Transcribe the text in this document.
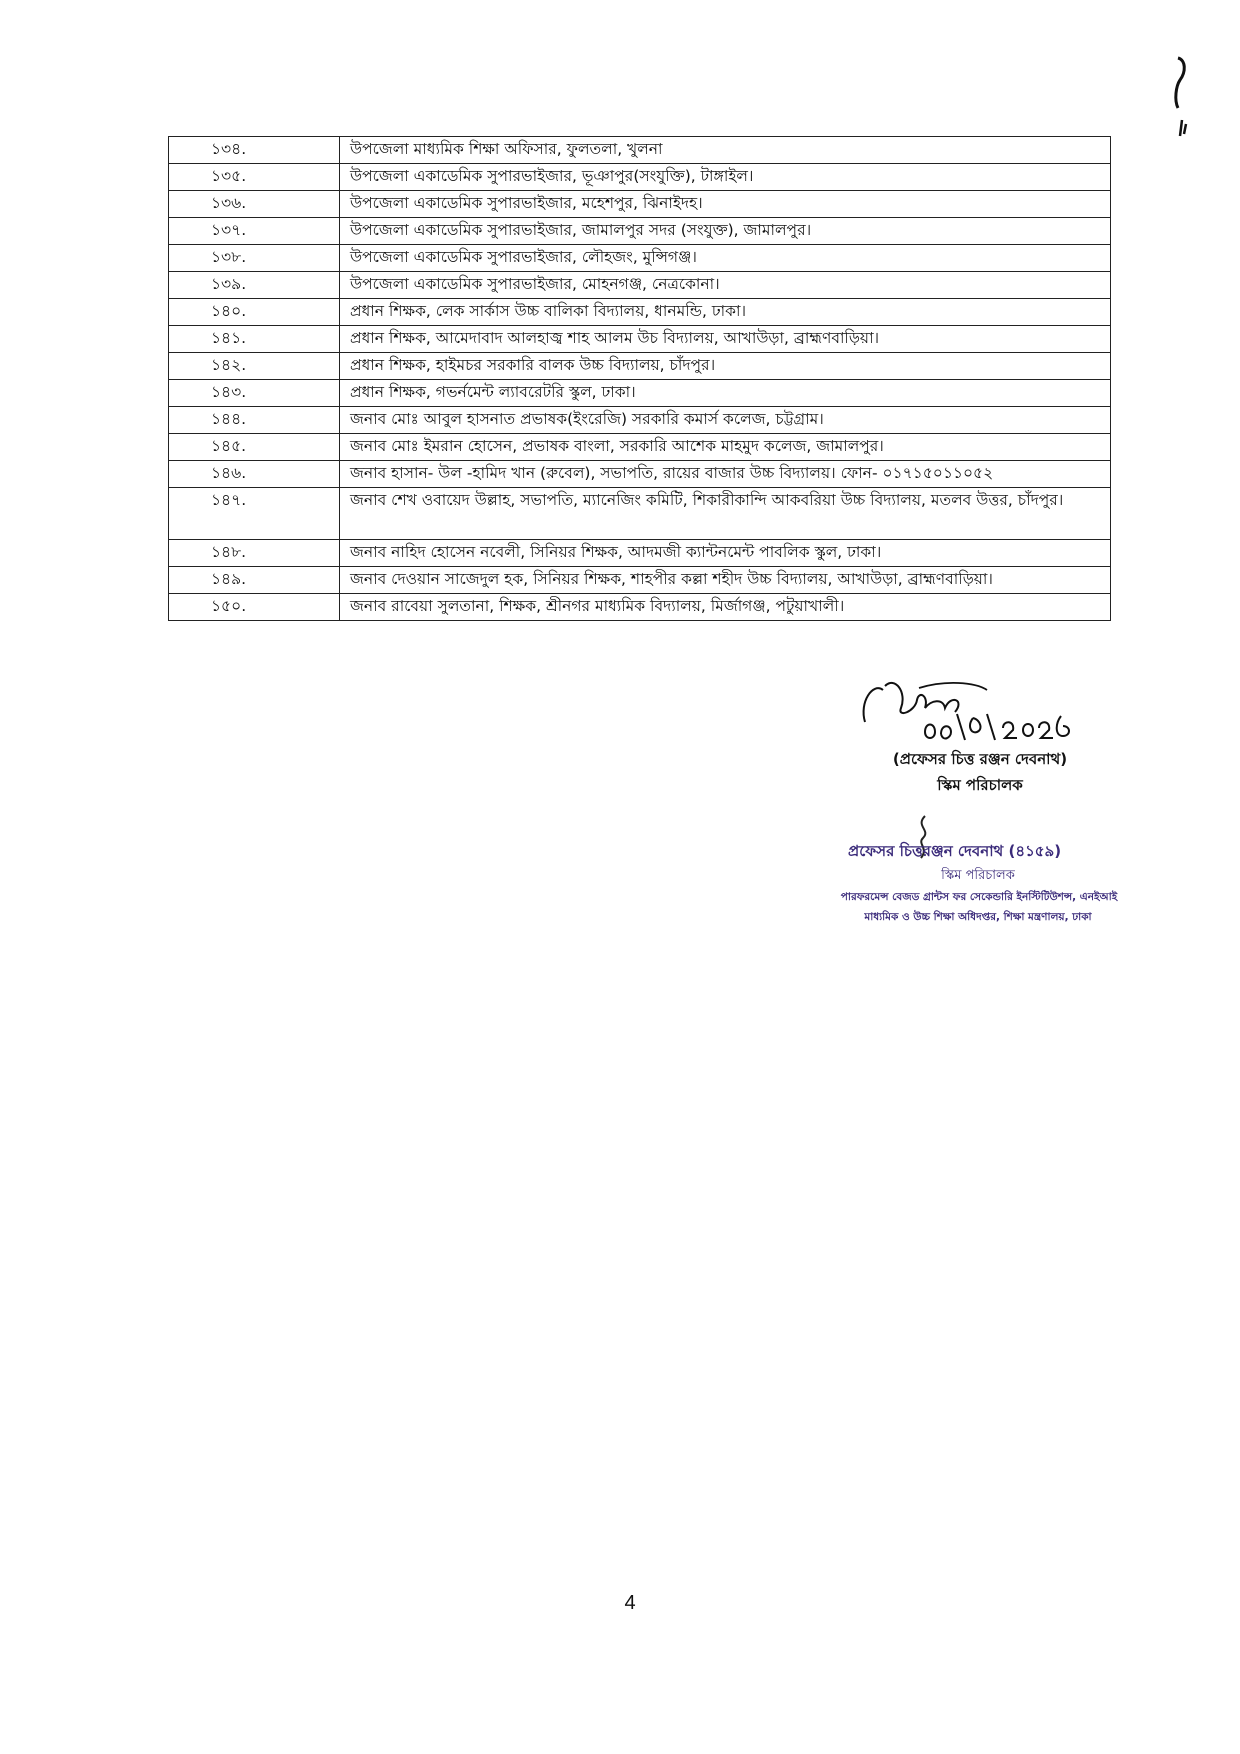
১৩৪.	উপজেলা মাধ্যমিক শিক্ষা অফিসার, ফুলতলা, খুলনা
১৩৫.	উপজেলা একাডেমিক সুপারভাইজার, ভূঞাপুর(সংযুক্তি), টাঙ্গাইল।
১৩৬.	উপজেলা একাডেমিক সুপারভাইজার, মহেশপুর, ঝিনাইদহ।
১৩৭.	উপজেলা একাডেমিক সুপারভাইজার, জামালপুর সদর (সংযুক্ত), জামালপুর।
১৩৮.	উপজেলা একাডেমিক সুপারভাইজার, লৌহজং, মুন্সিগঞ্জ।
১৩৯.	উপজেলা একাডেমিক সুপারভাইজার, মোহনগঞ্জ, নেত্রকোনা।
১৪০.	প্রধান শিক্ষক, লেক সার্কাস উচ্চ বালিকা বিদ্যালয়, ধানমন্ডি, ঢাকা।
১৪১.	প্রধান শিক্ষক, আমেদাবাদ আলহাজ্ব শাহ আলম উচ বিদ্যালয়, আখাউড়া, ব্রাহ্মণবাড়িয়া।
১৪২.	প্রধান শিক্ষক, হাইমচর সরকারি বালক উচ্চ বিদ্যালয়, চাঁদপুর।
১৪৩.	প্রধান শিক্ষক, গভর্নমেন্ট ল্যাবরেটরি স্কুল, ঢাকা।
১৪৪.	জনাব মোঃ আবুল হাসনাত প্রভাষক(ইংরেজি) সরকারি কমার্স কলেজ, চট্টগ্রাম।
১৪৫.	জনাব মোঃ ইমরান হোসেন, প্রভাষক বাংলা, সরকারি আশেক মাহমুদ কলেজ, জামালপুর।
১৪৬.	জনাব হাসান- উল -হামিদ খান (রুবেল), সভাপতি, রায়ের বাজার উচ্চ বিদ্যালয়। ফোন- ০১৭১৫০১১০৫২
১৪৭.	জনাব শেখ ওবায়েদ উল্লাহ, সভাপতি, ম্যানেজিং কমিটি, শিকারীকান্দি আকবরিয়া উচ্চ বিদ্যালয়, মতলব উত্তর, চাঁদপুর।
১৪৮.	জনাব নাহিদ হোসেন নবেলী, সিনিয়র শিক্ষক, আদমজী ক্যান্টনমেন্ট পাবলিক স্কুল, ঢাকা।
১৪৯.	জনাব দেওয়ান সাজেদুল হক, সিনিয়র শিক্ষক, শাহপীর কল্লা শহীদ উচ্চ বিদ্যালয়, আখাউড়া, ব্রাহ্মণবাড়িয়া।
১৫০.	জনাব রাবেয়া সুলতানা, শিক্ষক, শ্রীনগর মাধ্যমিক বিদ্যালয়, মির্জাগঞ্জ, পটুয়াখালী।
(প্রফেসর চিত্ত রঞ্জন দেবনাথ)
স্কিম পরিচালক
প্রফেসর চিত্তরঞ্জন দেবনাথ (৪১৫৯)
স্কিম পরিচালক
পারফরমেন্স বেজড গ্রান্টস ফর সেকেন্ডারি ইনস্টিটিউশন্স, এনইআই
মাধ্যমিক ও উচ্চ শিক্ষা অধিদপ্তর, শিক্ষা মন্ত্রণালয়, ঢাকা
4
